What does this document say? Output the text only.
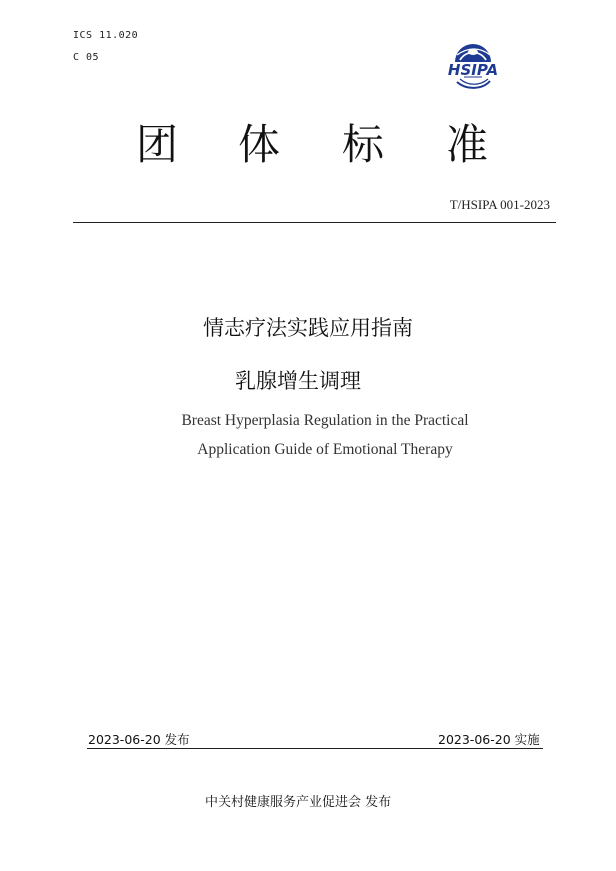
ICS 11.020
C 05
HSIPA
团 体 标 准
T/HSIPA 001-2023
情志疗法实践应用指南
乳腺增生调理
Breast Hyperplasia Regulation in the Practical
Application Guide of Emotional Therapy
2023-06-20 发布	2023-06-20 实施
中关村健康服务产业促进会 发布
